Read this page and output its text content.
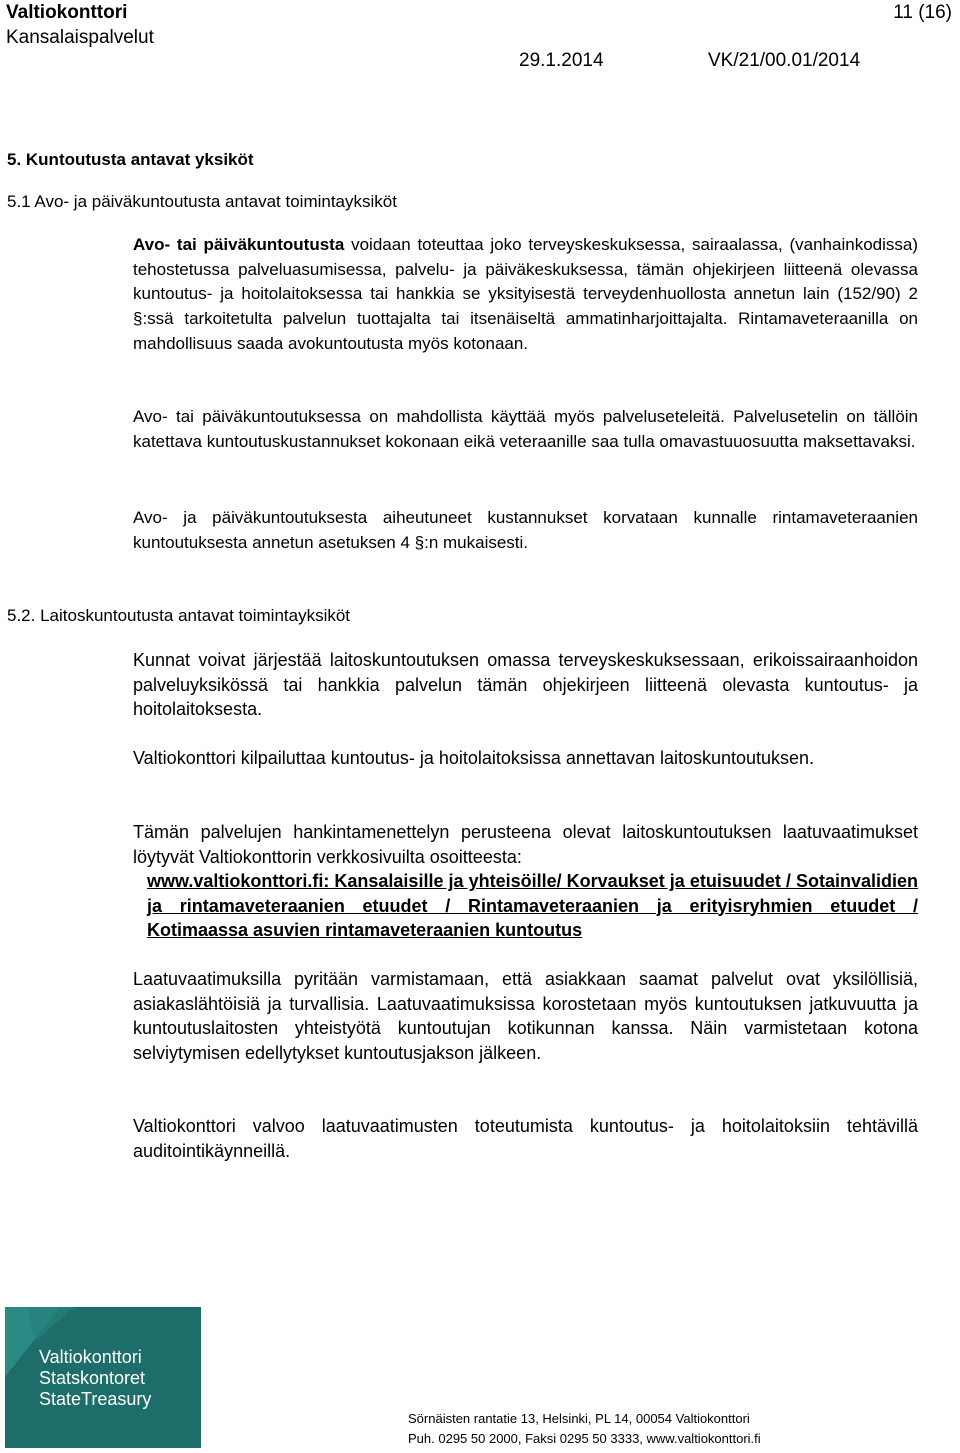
Valtiokonttori
Kansalaispalvelut
11 (16)
29.1.2014	VK/21/00.01/2014
5. Kuntoutusta antavat yksiköt
5.1 Avo- ja päiväkuntoutusta antavat toimintayksiköt

Avo- tai päiväkuntoutusta voidaan toteuttaa joko terveyskeskuksessa, sairaalassa, (vanhainkodissa) tehostetussa palveluasumisessa, palvelu- ja päiväkeskuksessa, tämän ohjekirjeen liitteenä olevassa kuntoutus- ja hoitolaitoksessa tai hankkia se yksityisestä terveydenhuollosta annetun lain (152/90) 2 §:ssä tarkoitetulta palvelun tuottajalta tai itsenäiseltä ammatinharjoittajalta. Rintamaveteraanilla on mahdollisuus saada avokuntoutusta myös kotonaan.

Avo- tai päiväkuntoutuksessa on mahdollista käyttää myös palveluseteleitä. Palvelusetelin on tällöin katettava kuntoutuskustannukset kokonaan eikä veteraanille saa tulla omavastuuosuutta maksettavaksi.

Avo- ja päiväkuntoutuksesta aiheutuneet kustannukset korvataan kunnalle rintamaveteraanien kuntoutuksesta annetun asetuksen 4 §:n mukaisesti.

5.2. Laitoskuntoutusta antavat toimintayksiköt

Kunnat voivat järjestää laitoskuntoutuksen omassa terveyskeskuksessaan, erikoissairaanhoidon palveluyksikössä tai hankkia palvelun tämän ohjekirjeen liitteenä olevasta kuntoutus- ja hoitolaitoksesta.

Valtiokonttori kilpailuttaa kuntoutus- ja hoitolaitoksissa annettavan laitoskuntoutuksen.

Tämän palvelujen hankintamenettelyn perusteena olevat laitoskuntoutuksen laatuvaatimukset löytyvät Valtiokonttorin verkkosivuilta osoitteesta:

www.valtiokonttori.fi: Kansalaisille ja yhteisöille/ Korvaukset ja etuisuudet / Sotainvalidien ja rintamaveteraanien etuudet / Rintamaveteraanien ja erityisryhmien etuudet / Kotimaassa asuvien rintamaveteraanien kuntoutus

Laatuvaatimuksilla pyritään varmistamaan, että asiakkaan saamat palvelut ovat yksilöllisiä, asiakaslähtöisiä ja turvallisia. Laatuvaatimuksissa korostetaan myös kuntoutuksen jatkuvuutta ja kuntoutuslaitosten yhteistyötä kuntoutujan kotikunnan kanssa. Näin varmistetaan kotona selviytymisen edellytykset kuntoutusjakson jälkeen.

Valtiokonttori valvoo laatuvaatimusten toteutumista kuntoutus- ja hoitolaitoksiin tehtävillä auditointikäynneillä.

Valtiokonttori
Statskontoret
StateTreasury
Sörnäisten rantatie 13, Helsinki, PL 14, 00054 Valtiokonttori
Puh. 0295 50 2000, Faksi 0295 50 3333, www.valtiokonttori.fi
